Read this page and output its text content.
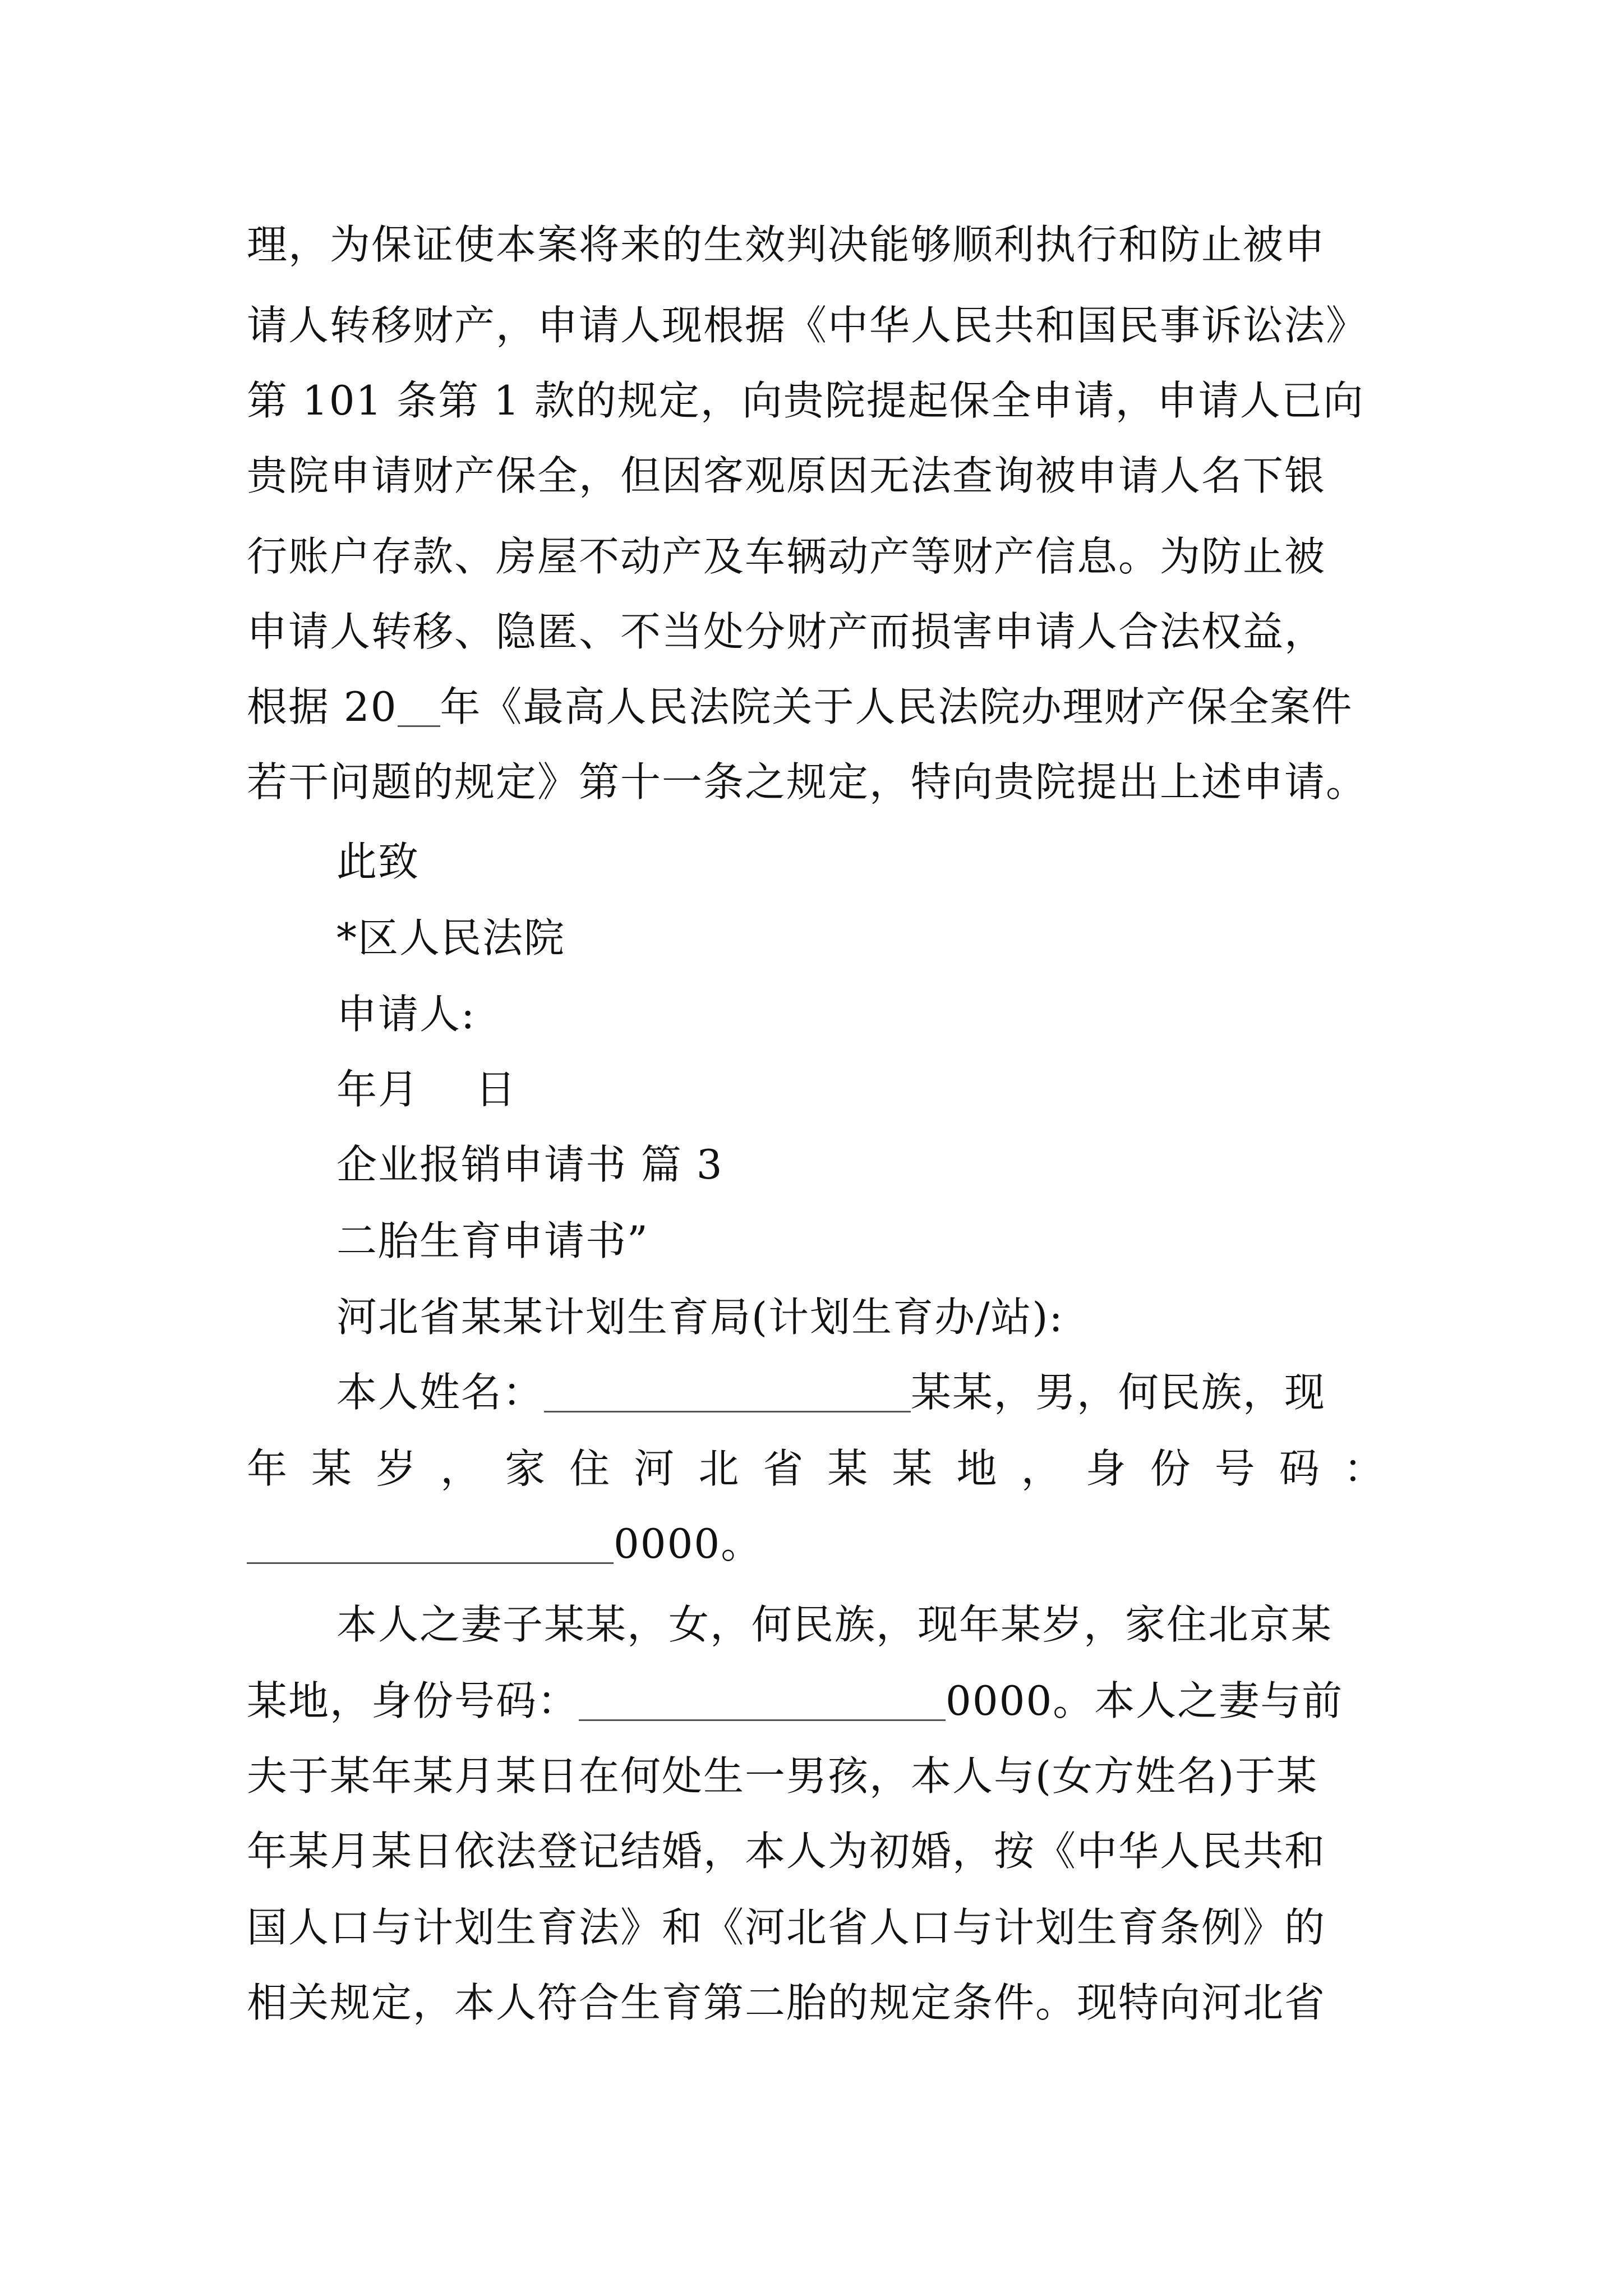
理，为保证使本案将来的生效判决能够顺利执行和防止被申
请人转移财产，申请人现根据《中华人民共和国民事诉讼法》
第 101 条第 1 款的规定，向贵院提起保全申请，申请人已向
贵院申请财产保全，但因客观原因无法查询被申请人名下银
行账户存款、房屋不动产及车辆动产等财产信息。为防止被
申请人转移、隐匿、不当处分财产而损害申请人合法权益，
根据 20 年《最高人民法院关于人民法院办理财产保全案件
若干问题的规定》第十一条之规定，特向贵院提出上述申请。
此致
*区人民法院
申请人:
年月    日
企业报销申请书 篇 3
二胎生育申请书”
河北省某某计划生育局(计划生育办/站):
本人姓名：	某某，男，何民族，现
年 某 岁 ， 家 住 河 北 省 某 某 地 ， 身 份 号 码 ：
0000。
本人之妻子某某，女，何民族，现年某岁，家住北京某
某地，身份号码：	0000。本人之妻与前
夫于某年某月某日在何处生一男孩，本人与(女方姓名)于某
年某月某日依法登记结婚，本人为初婚，按《中华人民共和
国人口与计划生育法》和《河北省人口与计划生育条例》的
相关规定，本人符合生育第二胎的规定条件。现特向河北省
